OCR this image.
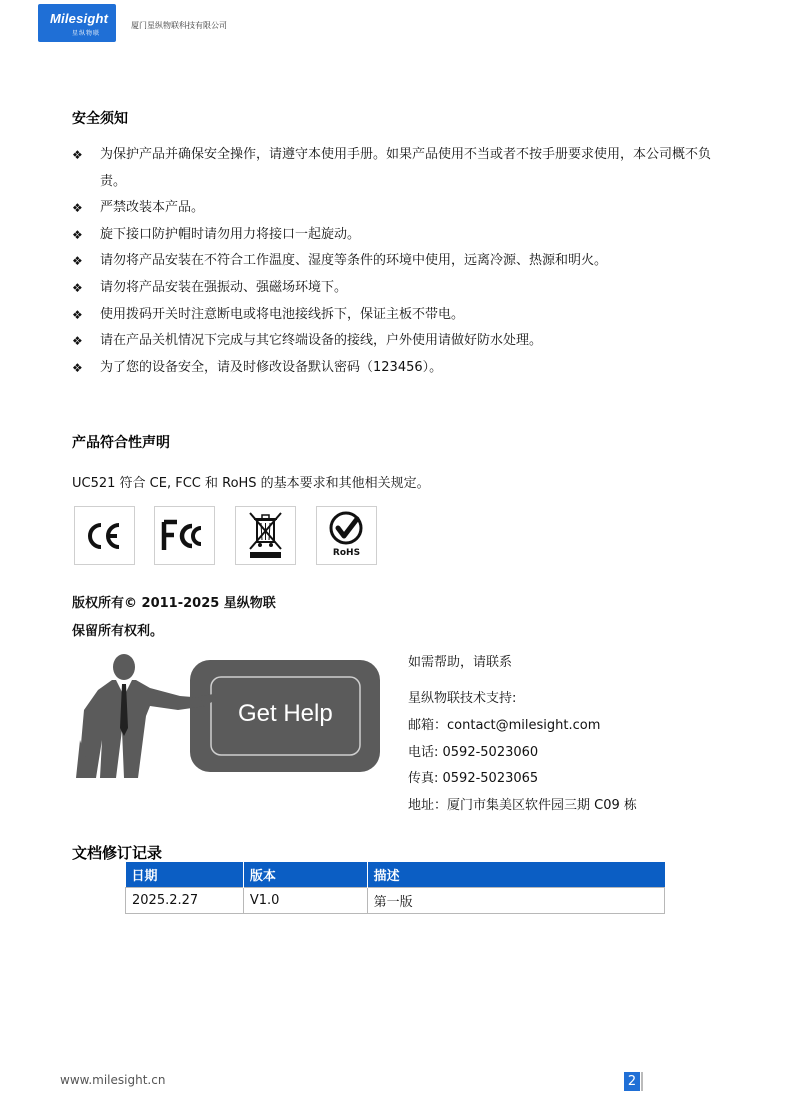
Milesight
星纵物联
厦门星纵物联科技有限公司
安全须知
❖ 为保护产品并确保安全操作，请遵守本使用手册。如果产品使用不当或者不按手册要求使用，本公司概不负责。
❖ 严禁改装本产品。
❖ 旋下接口防护帽时请勿用力将接口一起旋动。
❖ 请勿将产品安装在不符合工作温度、湿度等条件的环境中使用，远离冷源、热源和明火。
❖ 请勿将产品安装在强振动、强磁场环境下。
❖ 使用拨码开关时注意断电或将电池接线拆下，保证主板不带电。
❖ 请在产品关机情况下完成与其它终端设备的接线，户外使用请做好防水处理。
❖ 为了您的设备安全，请及时修改设备默认密码（123456）。
产品符合性声明
UC521 符合 CE, FCC 和 RoHS 的基本要求和其他相关规定。
RoHS
版权所有© 2011-2025 星纵物联
保留所有权利。
Get Help
如需帮助，请联系
星纵物联技术支持:
邮箱：contact@milesight.com
电话: 0592-5023060
传真: 0592-5023065
地址：厦门市集美区软件园三期 C09 栋
文档修订记录
日期	版本	描述
2025.2.27	V1.0	第一版
www.milesight.cn	2
